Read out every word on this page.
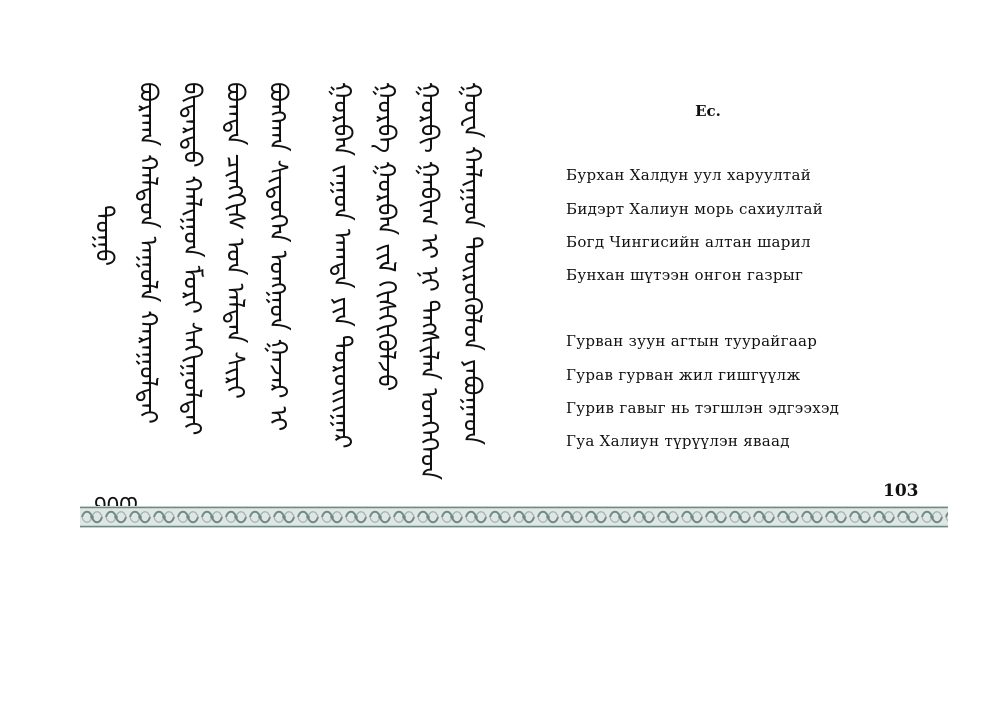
ᠳᠤᠭᠤ ᠪᠤᠷᠬᠠᠨ ᠬᠠᠯᠳᠤᠨ ᠠᠭᠤᠯᠠ ᠬᠠᠷᠠᠭᠤᠯᠲᠠᠢ ᠪᠢᠳᠡᠷᠲᠦ ᠬᠠᠯᠢᠭᠤᠨ ᠮᠣᠷᠢ ᠰᠠᠬᠢᠭᠤᠯᠲᠠᠢ ᠪᠣᠭᠳᠠ ᠴᠢᠩᠭᠢᠰ ᠤᠨ ᠠᠯᠲᠠᠨ ᠰᠢᠷᠢ ᠪᠣᠩᠬᠠᠨ ᠰᠢᠲᠦᠭᠡᠨ ᠣᠩᠭᠤᠨ ᠭᠠᠵᠠᠷ ᠢ ᠭᠤᠷᠪᠠᠨ ᠵᠠᠭᠤᠨ ᠠᠭᠲᠠ ᠶᠢᠨ ᠲᠤᠷᠤᠢᠢᠭᠠᠷ ᠭᠤᠷᠪᠠ ᠭᠤᠷᠪᠠᠨ ᠵᠢᠯ ᠭᠢᠰᠬᠢᠭᠦᠯᠵᠦ ᠭᠤᠷᠪᠢ ᠭᠠᠪᠢᠭ ᠢ ᠨᠢ ᠲᠡᠭᠰᠢᠯᠡᠨ ᠡᠳᠭᠡᠭᠡᠳ ᠭᠤᠸᠠ ᠬᠠᠯᠢᠭᠤᠨ ᠲᠦᠷᠦᠭᠦᠯᠦᠨ ᠶᠠᠪᠤᠭᠠᠳ	Ес.
Бурхан Халдун уул харуултай
Бидэрт Халиун морь сахиултай
Богд Чингисийн алтан шарил
Бунхан шүтээн онгон газрыг
Гурван зуун агтын туурайгаар
Гурав гурван жил гишгүүлж
Гурив гавыг нь тэгшлэн эдгээхэд
Гуа Халиун түрүүлэн яваад
103
